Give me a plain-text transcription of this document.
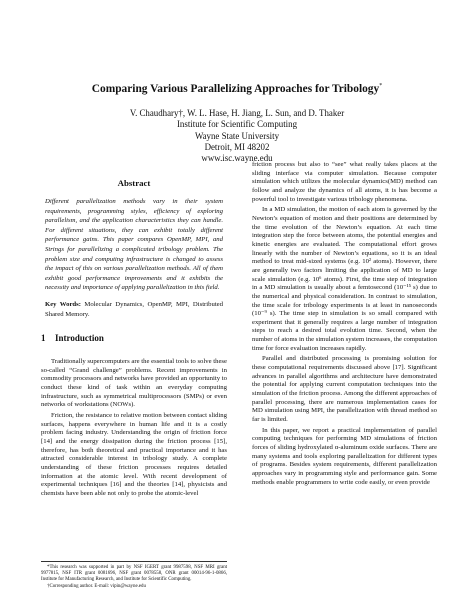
Comparing Various Parallelizing Approaches for Tribology*
V. Chaudhary†, W. L. Hase, H. Jiang, L. Sun, and D. Thaker
Institute for Scientific Computing
Wayne State University
Detroit, MI 48202
www.isc.wayne.edu
Abstract

Different parallelization methods vary in their system requirements, programming styles, efficiency of exploring parallelism, and the application characteristics they can handle. For different situations, they can exhibit totally different performance gains. This paper compares OpenMP, MPI, and Strings for parallelizing a complicated tribology problem. The problem size and computing infrastructure is changed to assess the impact of this on various parallelization methods. All of them exhibit good performance improvements and it exhibits the necessity and importance of applying parallelization in this field.

Key Words: Molecular Dynamics, OpenMP, MPI, Distributed Shared Memory.

1 Introduction

Traditionally supercomputers are the essential tools to solve these so-called “Grand challenge” problems. Recent improvements in commodity processors and networks have provided an opportunity to conduct these kind of task within an everyday computing infrastructure, such as symmetrical multiprocessors (SMPs) or even networks of workstations (NOWs).

Friction, the resistance to relative motion between contact sliding surfaces, happens everywhere in human life and it is a costly problem facing industry. Understanding the origin of friction force [14] and the energy dissipation during the friction process [15], therefore, has both theoretical and practical importance and it has attracted considerable interest in tribology study. A complete understanding of these friction processes requires detailed information at the atomic level. With recent development of experimental techniques [16] and the theories [14], physicists and chemists have been able not only to probe the atomic-level

friction process but also to “see” what really takes places at the sliding interface via computer simulation. Because computer simulation which utilizes the molecular dynamics(MD) method can follow and analyze the dynamics of all atoms, it is has become a powerful tool to investigate various tribology phenomena.

In a MD simulation, the motion of each atom is governed by the Newton’s equation of motion and their positions are determined by the time evolution of the Newton’s equation. At each time integration step the force between atoms, the potential energies and kinetic energies are evaluated. The computational effort grows linearly with the number of Newton’s equations, so it is an ideal method to treat mid-sized systems (e.g. 10² atoms). However, there are generally two factors limiting the application of MD to large scale simulation (e.g. 10⁶ atoms). First, the time step of integration in a MD simulation is usually about a femtosecond (10⁻¹⁵ s) due to the numerical and physical consideration. In contrast to simulation, the time scale for tribology experiments is at least in nanoseconds (10⁻⁹ s). The time step in simulation is so small compared with experiment that it generally requires a large number of integration steps to reach a desired total evolution time. Second, when the number of atoms in the simulation system increases, the computation time for force evaluation increases rapidly.

Parallel and distributed processing is promising solution for these computational requirements discussed above [17]. Significant advances in parallel algorithms and architecture have demonstrated the potential for applying current computation techniques into the simulation of the friction process. Among the different approaches of parallel processing, there are numerous implementation cases for MD simulation using MPI, the parallelization with thread method so far is limited.

In this paper, we report a practical implementation of parallel computing techniques for performing MD simulations of friction forces of sliding hydroxylated α-aluminum oxide surfaces. There are many systems and tools exploring parallelization for different types of programs. Besides system requirements, different parallelization approaches vary in programming style and performance gain. Some methods enable programmers to write code easily, or even provide

*This research was supported in part by NSF IGERT grant 9987598, NSF MRI grant 9977815, NSF ITR grant 0081696, NSF grant 0078558, ONR grant 00014-96-1-0866, Institute for Manufacturing Research, and Institute for Scientific Computing.

†Corresponding author. E-mail: vipin@wayne.edu
